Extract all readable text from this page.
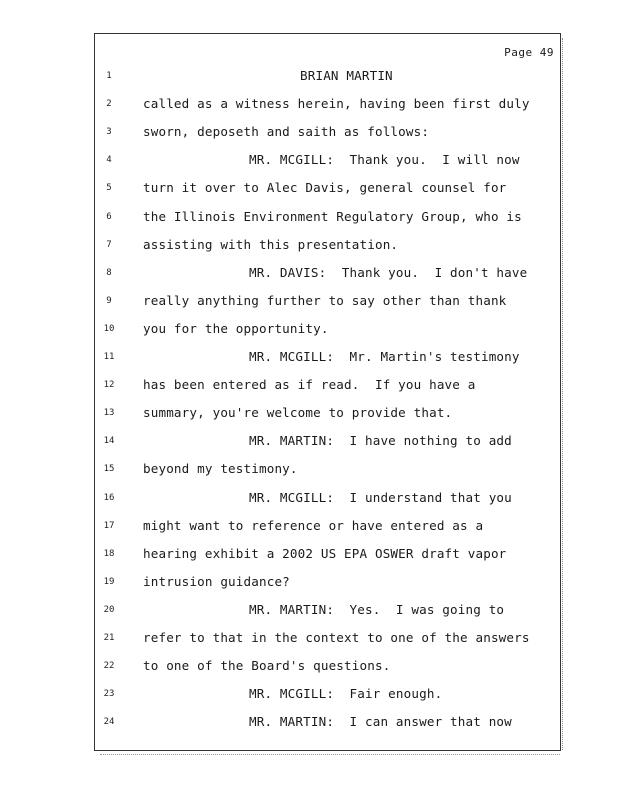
Page 49
1	BRIAN MARTIN
2	called as a witness herein, having been first duly
3	sworn, deposeth and saith as follows:
4	MR. MCGILL:  Thank you.  I will now
5	turn it over to Alec Davis, general counsel for
6	the Illinois Environment Regulatory Group, who is
7	assisting with this presentation.
8	MR. DAVIS:  Thank you.  I don't have
9	really anything further to say other than thank
10	you for the opportunity.
11	MR. MCGILL:  Mr. Martin's testimony
12	has been entered as if read.  If you have a
13	summary, you're welcome to provide that.
14	MR. MARTIN:  I have nothing to add
15	beyond my testimony.
16	MR. MCGILL:  I understand that you
17	might want to reference or have entered as a
18	hearing exhibit a 2002 US EPA OSWER draft vapor
19	intrusion guidance?
20	MR. MARTIN:  Yes.  I was going to
21	refer to that in the context to one of the answers
22	to one of the Board's questions.
23	MR. MCGILL:  Fair enough.
24	MR. MARTIN:  I can answer that now
